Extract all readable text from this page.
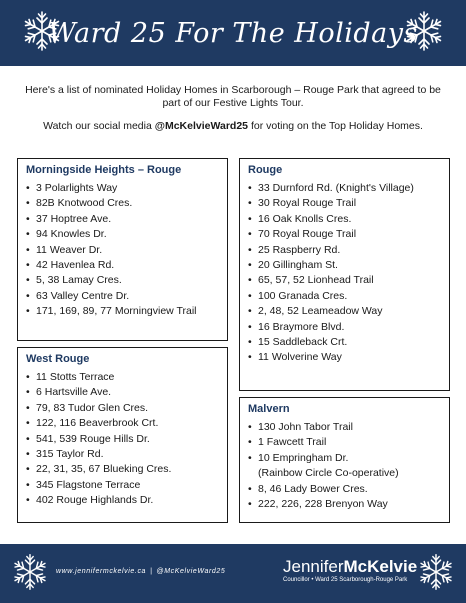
Ward 25 For The Holidays

Here's a list of nominated Holiday Homes in Scarborough – Rouge Park that agreed to be part of our Festive Lights Tour.

Watch our social media @McKelvieWard25 for voting on the Top Holiday Homes.

Morningside Heights – Rouge
• 3 Polarlights Way
• 82B Knotwood Cres.
• 37 Hoptree Ave.
• 94 Knowles Dr.
• 11 Weaver Dr.
• 42 Havenlea Rd.
• 5, 38 Lamay Cres.
• 63 Valley Centre Dr.
• 171, 169, 89, 77 Morningview Trail
West Rouge
• 11 Stotts Terrace
• 6 Hartsville Ave.
• 79, 83 Tudor Glen Cres.
• 122, 116 Beaverbrook Crt.
• 541, 539 Rouge Hills Dr.
• 315 Taylor Rd.
• 22, 31, 35, 67 Blueking Cres.
• 345 Flagstone Terrace
• 402 Rouge Highlands Dr.
Rouge
• 33 Durnford Rd. (Knight's Village)
• 30 Royal Rouge Trail
• 16 Oak Knolls Cres.
• 70 Royal Rouge Trail
• 25 Raspberry Rd.
• 20 Gillingham St.
• 65, 57, 52 Lionhead Trail
• 100 Granada Cres.
• 2, 48, 52 Leameadow Way
• 16 Braymore Blvd.
• 15 Saddleback Crt.
• 11 Wolverine Way
Malvern
• 130 John Tabor Trail
• 1 Fawcett Trail
• 10 Empringham Dr.
(Rainbow Circle Co-operative)
• 8, 46 Lady Bower Cres.
• 222, 226, 228 Brenyon Way
www.jennifermckelvie.ca | @McKelvieWard25	JenniferMcKelvie
Councillor • Ward 25 Scarborough-Rouge Park
